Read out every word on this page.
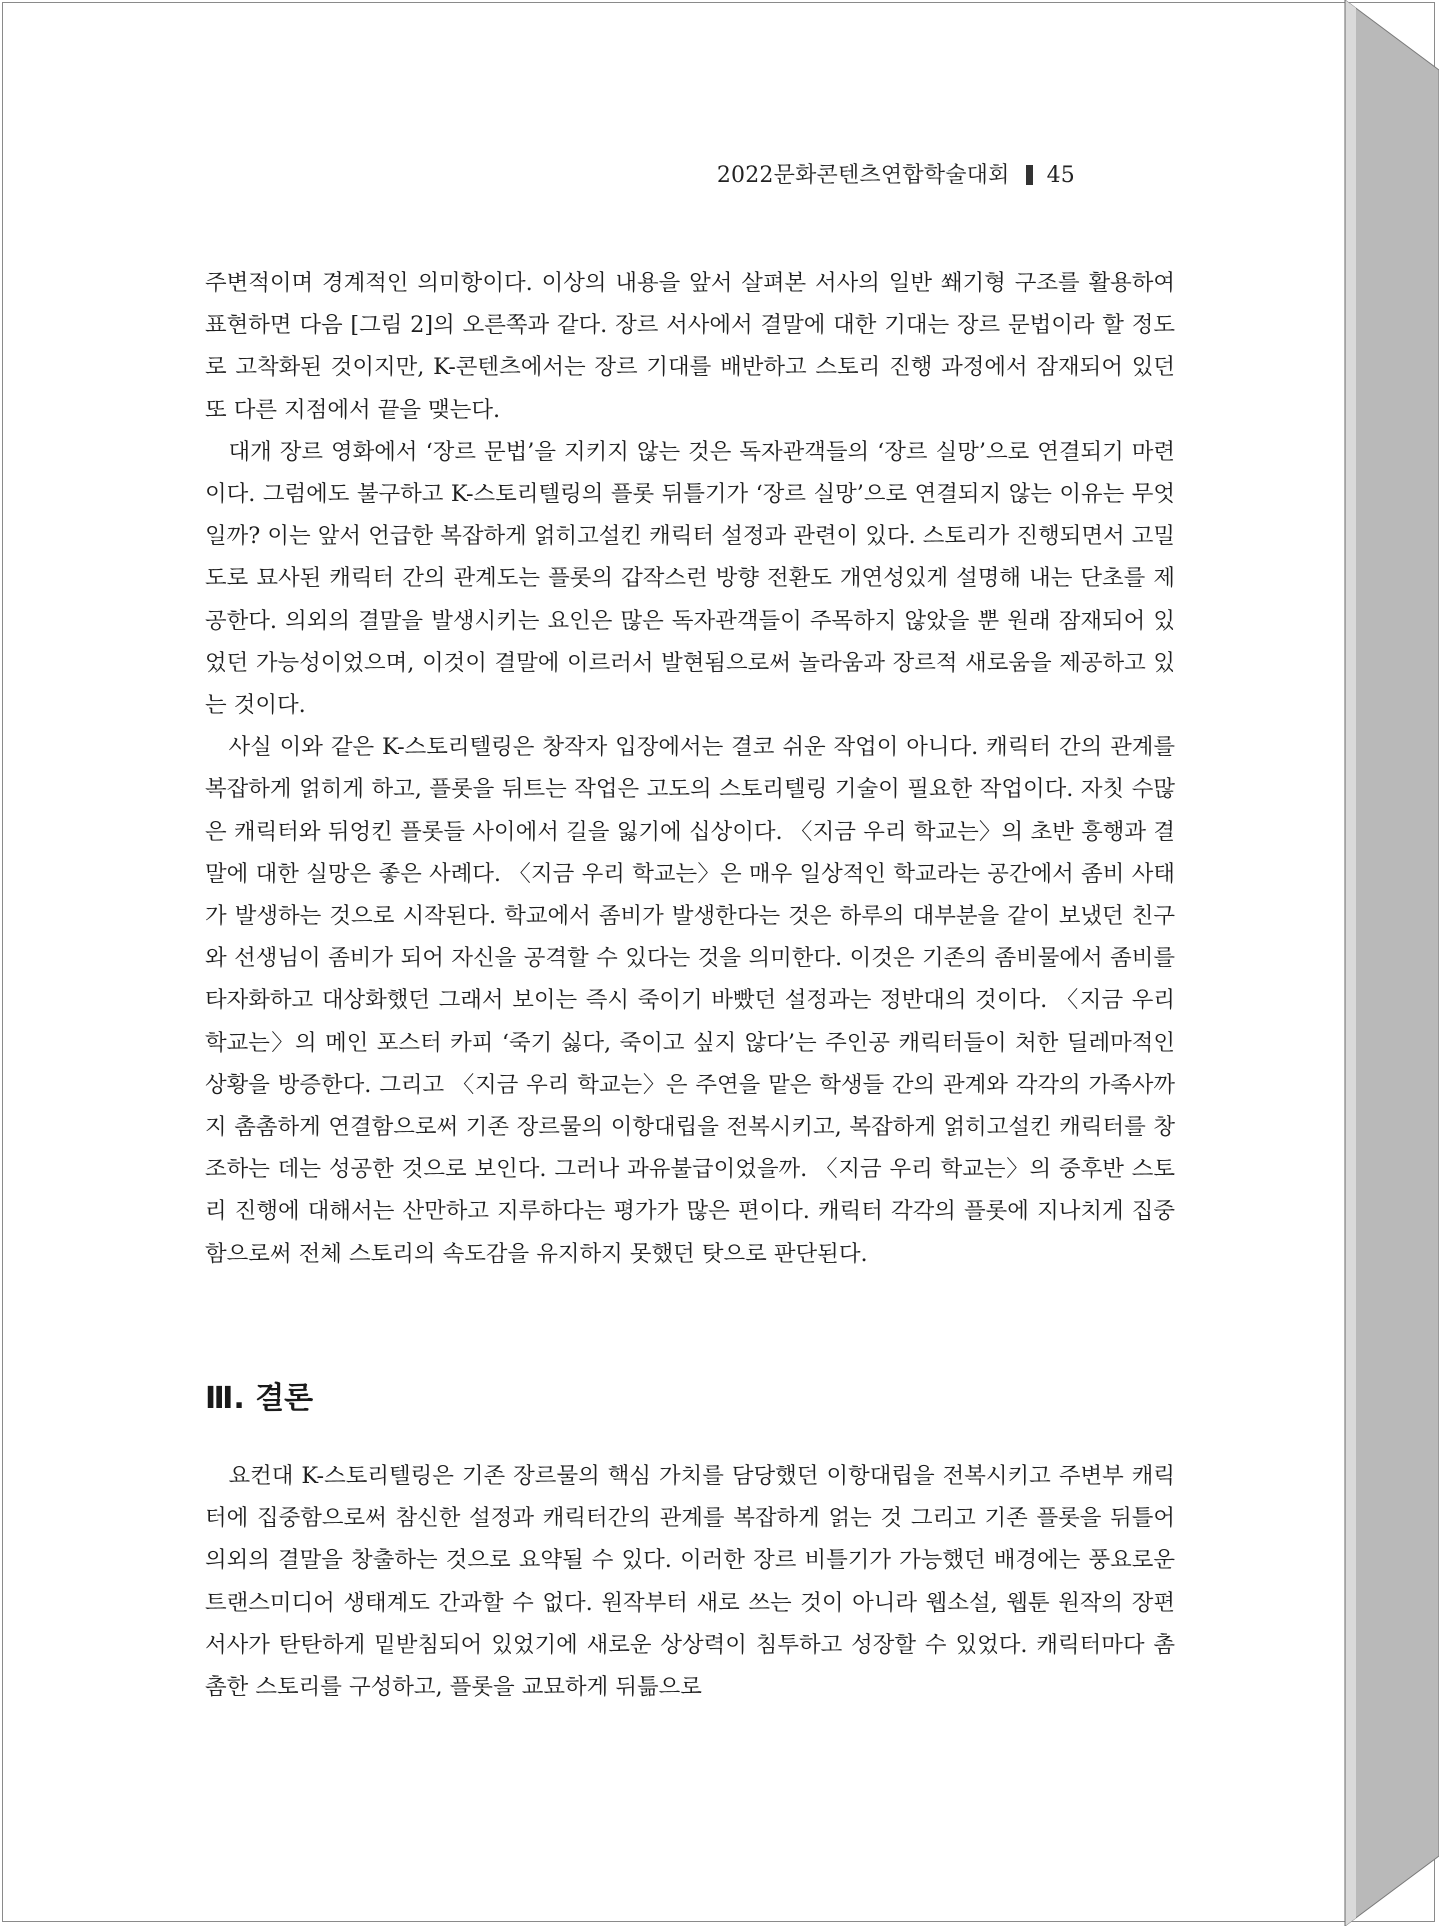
2022문화콘텐츠연합학술대회 45

주변적이며 경계적인 의미항이다. 이상의 내용을 앞서 살펴본 서사의 일반 쐐기형 구조를 활용하여 표현하면 다음 [그림 2]의 오른쪽과 같다. 장르 서사에서 결말에 대한 기대는 장르 문법이라 할 정도로 고착화된 것이지만, K-콘텐츠에서는 장르 기대를 배반하고 스토리 진행 과정에서 잠재되어 있던 또 다른 지점에서 끝을 맺는다.

대개 장르 영화에서 ‘장르 문법’을 지키지 않는 것은 독자관객들의 ‘장르 실망’으로 연결되기 마련이다. 그럼에도 불구하고 K-스토리텔링의 플롯 뒤틀기가 ‘장르 실망’으로 연결되지 않는 이유는 무엇일까? 이는 앞서 언급한 복잡하게 얽히고설킨 캐릭터 설정과 관련이 있다. 스토리가 진행되면서 고밀도로 묘사된 캐릭터 간의 관계도는 플롯의 갑작스런 방향 전환도 개연성있게 설명해 내는 단초를 제공한다. 의외의 결말을 발생시키는 요인은 많은 독자관객들이 주목하지 않았을 뿐 원래 잠재되어 있었던 가능성이었으며, 이것이 결말에 이르러서 발현됨으로써 놀라움과 장르적 새로움을 제공하고 있는 것이다.

사실 이와 같은 K-스토리텔링은 창작자 입장에서는 결코 쉬운 작업이 아니다. 캐릭터 간의 관계를 복잡하게 얽히게 하고, 플롯을 뒤트는 작업은 고도의 스토리텔링 기술이 필요한 작업이다. 자칫 수많은 캐릭터와 뒤엉킨 플롯들 사이에서 길을 잃기에 십상이다. 〈지금 우리 학교는〉의 초반 흥행과 결말에 대한 실망은 좋은 사례다. 〈지금 우리 학교는〉은 매우 일상적인 학교라는 공간에서 좀비 사태가 발생하는 것으로 시작된다. 학교에서 좀비가 발생한다는 것은 하루의 대부분을 같이 보냈던 친구와 선생님이 좀비가 되어 자신을 공격할 수 있다는 것을 의미한다. 이것은 기존의 좀비물에서 좀비를 타자화하고 대상화했던 그래서 보이는 즉시 죽이기 바빴던 설정과는 정반대의 것이다. 〈지금 우리 학교는〉의 메인 포스터 카피 ‘죽기 싫다, 죽이고 싶지 않다’는 주인공 캐릭터들이 처한 딜레마적인 상황을 방증한다. 그리고 〈지금 우리 학교는〉은 주연을 맡은 학생들 간의 관계와 각각의 가족사까지 촘촘하게 연결함으로써 기존 장르물의 이항대립을 전복시키고, 복잡하게 얽히고설킨 캐릭터를 창조하는 데는 성공한 것으로 보인다. 그러나 과유불급이었을까. 〈지금 우리 학교는〉의 중후반 스토리 진행에 대해서는 산만하고 지루하다는 평가가 많은 편이다. 캐릭터 각각의 플롯에 지나치게 집중함으로써 전체 스토리의 속도감을 유지하지 못했던 탓으로 판단된다.

Ⅲ. 결론

요컨대 K-스토리텔링은 기존 장르물의 핵심 가치를 담당했던 이항대립을 전복시키고 주변부 캐릭터에 집중함으로써 참신한 설정과 캐릭터간의 관계를 복잡하게 얽는 것 그리고 기존 플롯을 뒤틀어 의외의 결말을 창출하는 것으로 요약될 수 있다. 이러한 장르 비틀기가 가능했던 배경에는 풍요로운 트랜스미디어 생태계도 간과할 수 없다. 원작부터 새로 쓰는 것이 아니라 웹소설, 웹툰 원작의 장편 서사가 탄탄하게 밑받침되어 있었기에 새로운 상상력이 침투하고 성장할 수 있었다. 캐릭터마다 촘촘한 스토리를 구성하고, 플롯을 교묘하게 뒤틂으로
